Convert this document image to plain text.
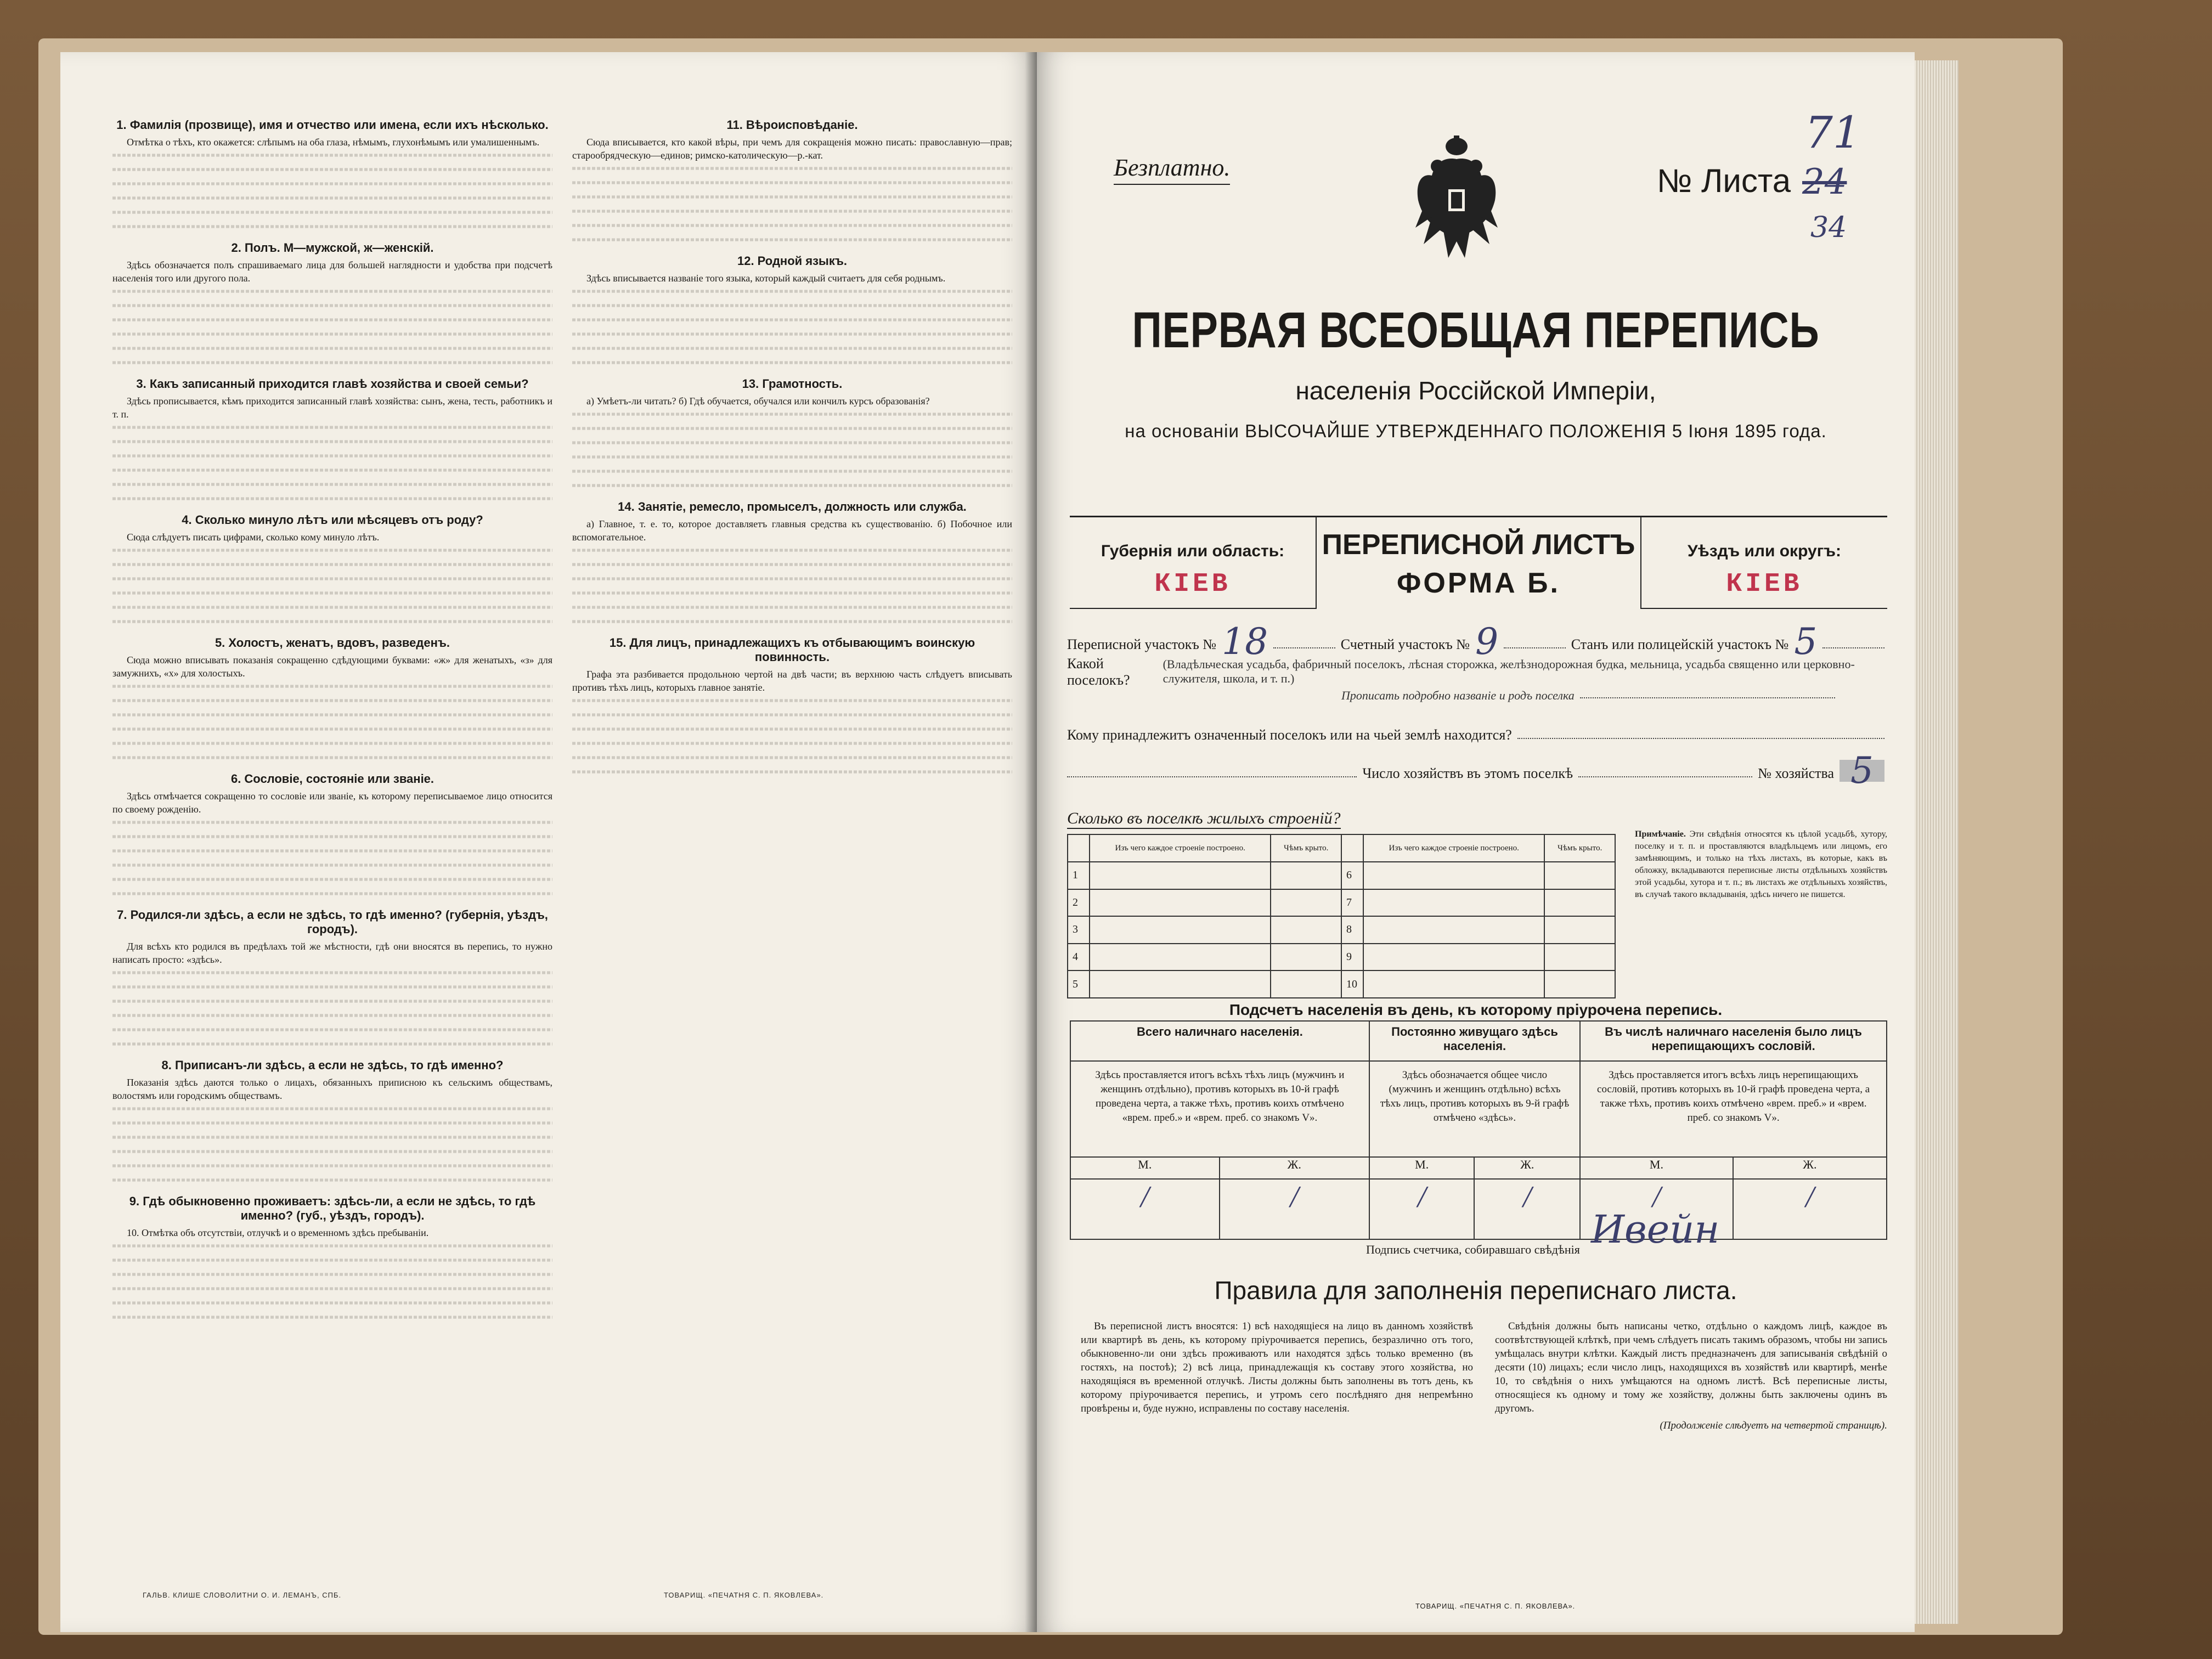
1. Фамилія (прозвище), имя и отчество или имена, если ихъ нѣсколько.

Отмѣтка о тѣхъ, кто окажется: слѣпымъ на оба глаза, нѣмымъ, глухонѣмымъ или умалишеннымъ.

2. Полъ. М—мужской, ж—женскій.

Здѣсь обозначается полъ спрашиваемаго лица для большей наглядности и удобства при подсчетѣ населенія того или другого пола.

3. Какъ записанный приходится главѣ хозяйства и своей семьи?

Здѣсь прописывается, кѣмъ приходится записанный главѣ хозяйства: сынъ, жена, тесть, работникъ и т. п.

4. Сколько минуло лѣтъ или мѣсяцевъ отъ роду?

Сюда слѣдуетъ писать цифрами, сколько кому минуло лѣтъ.

5. Холостъ, женатъ, вдовъ, разведенъ.

Сюда можно вписывать показанія сокращенно сдѣдующими буквами: «ж» для женатыхъ, «з» для замужнихъ, «х» для холостыхъ.

6. Сословіе, состояніе или званіе.

Здѣсь отмѣчается сокращенно то сословіе или званіе, къ которому переписываемое лицо относится по своему рожденію.

7. Родился-ли здѣсь, а если не здѣсь, то гдѣ именно? (губернія, уѣздъ, городъ).

Для всѣхъ кто родился въ предѣлахъ той же мѣстности, гдѣ они вносятся въ перепись, то нужно написать просто: «здѣсь».

8. Приписанъ-ли здѣсь, а если не здѣсь, то гдѣ именно?

Показанія здѣсь даются только о лицахъ, обязанныхъ приписною къ сельскимъ обществамъ, волостямъ или городскимъ обществамъ.

9. Гдѣ обыкновенно проживаетъ: здѣсь-ли, а если не здѣсь, то гдѣ именно? (губ., уѣздъ, городъ).

10. Отмѣтка объ отсутствіи, отлучкѣ и о временномъ здѣсь пребываніи.

11. Вѣроисповѣданіе.

Сюда вписывается, кто какой вѣры, при чемъ для сокращенія можно писать: православную—прав; старообрядческую—единов; римско-католическую—р.-кат.

12. Родной языкъ.

Здѣсь вписывается названіе того языка, который каждый считаетъ для себя роднымъ.

13. Грамотность.

а) Умѣетъ-ли читать? б) Гдѣ обучается, обучался или кончилъ курсъ образованія?

14. Занятіе, ремесло, промыселъ, должность или служба.

а) Главное, т. е. то, которое доставляетъ главныя средства къ существованію. б) Побочное или вспомогательное.

15. Для лицъ, принадлежащихъ къ отбывающимъ воинскую повинность.

Графа эта разбивается продольною чертой на двѣ части; въ верхнюю часть слѣдуетъ вписывать противъ тѣхъ лицъ, которыхъ главное занятіе.

ГАЛЬВ. КЛИШЕ СЛОВОЛИТНИ О. И. ЛЕМАНЪ, СПБ.	ТОВАРИЩ. «ПЕЧАТНЯ С. П. ЯКОВЛЕВА».
Безплатно.	№ Листа
71
24
34
ПЕРВАЯ ВСЕОБЩАЯ ПЕРЕПИСЬ
населенія Россійской Имперіи,
на основаніи ВЫСОЧАЙШЕ УТВЕРЖДЕННАГО ПОЛОЖЕНІЯ 5 Іюня 1895 года.
Губернія или область:
КІЕВ
ПЕРЕПИСНОЙ ЛИСТЪ
ФОРМА Б.
Уѣздъ или округъ:
КІЕВ
Переписной участокъ № 18	Счетный участокъ № 9	Станъ или полицейскій участокъ № 5
Какой поселокъ?
(Владѣльческая усадьба, фабричный поселокъ, лѣсная сторожка, желѣзнодорожная будка, мельница, усадьба священно или церковно-служителя, школа, и т. п.)
Прописать подробно названіе и родъ поселка
Кому принадлежитъ означенный поселокъ или на чьей землѣ находится?
Число хозяйствъ въ этомъ поселкѣ	№ хозяйства 5
Сколько въ поселкѣ жилыхъ строеній?
	Изъ чего каждое строеніе построено.	Чѣмъ крыто.		Изъ чего каждое строеніе построено.	Чѣмъ крыто.
1			6		
2			7		
3			8		
4			9		
5			10		
Примѣчаніе. Эти свѣдѣнія относятся къ цѣлой усадьбѣ, хутору, поселку и т. п. и проставляются владѣльцемъ или лицомъ, его замѣняющимъ, и только на тѣхъ листахъ, въ которые, какъ въ обложку, вкладываются переписные листы отдѣльныхъ хозяйствъ этой усадьбы, хутора и т. п.; въ листахъ же отдѣльныхъ хозяйствъ, въ случаѣ такого вкладыванія, здѣсь ничего не пишется.
Подсчетъ населенія въ день, къ которому пріурочена перепись.
Всего наличнаго населенія.		Постоянно живущаго здѣсь населенія.		Въ числѣ наличнаго населенія было лицъ нерепищающихъ сословій.	
Здѣсь проставляется итогъ всѣхъ тѣхъ лицъ (мужчинъ и женщинъ отдѣльно), противъ которыхъ въ 10-й графѣ проведена черта, а также тѣхъ, противъ коихъ отмѣчено «врем. преб.» и «врем. преб. со знакомъ V».		Здѣсь обозначается общее число (мужчинъ и женщинъ отдѣльно) всѣхъ тѣхъ лицъ, противъ которыхъ въ 9-й графѣ отмѣчено «здѣсь».		Здѣсь проставляется итогъ всѣхъ лицъ нерепищающихъ сословій, противъ которыхъ въ 10-й графѣ проведена черта, а также тѣхъ, противъ коихъ отмѣчено «врем. преб.» и «врем. преб. со знакомъ V».	
М.	Ж.	М.	Ж.	М.	Ж.
/	/	/	/	/	/
Подпись счетчика, собиравшаго свѣдѣнія Ивейн
Правила для заполненія переписнаго листа.

Въ переписной листъ вносятся: 1) всѣ находящіеся на лицо въ данномъ хозяйствѣ или квартирѣ въ день, къ которому пріурочивается перепись, безразлично отъ того, обыкновенно-ли они здѣсь проживаютъ или находятся здѣсь только временно (въ гостяхъ, на постоѣ); 2) всѣ лица, принадлежащія къ составу этого хозяйства, но находящіяся въ временной отлучкѣ. Листы должны быть заполнены въ тотъ день, къ которому пріурочивается перепись, и утромъ сего послѣдняго дня непремѣнно провѣрены и, буде нужно, исправлены по составу населенія.

Свѣдѣнія должны быть написаны четко, отдѣльно о каждомъ лицѣ, каждое въ соотвѣтствующей клѣткѣ, при чемъ слѣдуетъ писать такимъ образомъ, чтобы ни запись умѣщалась внутри клѣтки. Каждый листъ предназначенъ для записыванія свѣдѣній о десяти (10) лицахъ; если число лицъ, находящихся въ хозяйствѣ или квартирѣ, менѣе 10, то свѣдѣнія о нихъ умѣщаются на одномъ листѣ. Всѣ переписные листы, относящіеся къ одному и тому же хозяйству, должны быть заключены одинъ въ другомъ.

(Продолженіе слѣдуетъ на четвертой страницѣ).

ТОВАРИЩ. «ПЕЧАТНЯ С. П. ЯКОВЛЕВА».
